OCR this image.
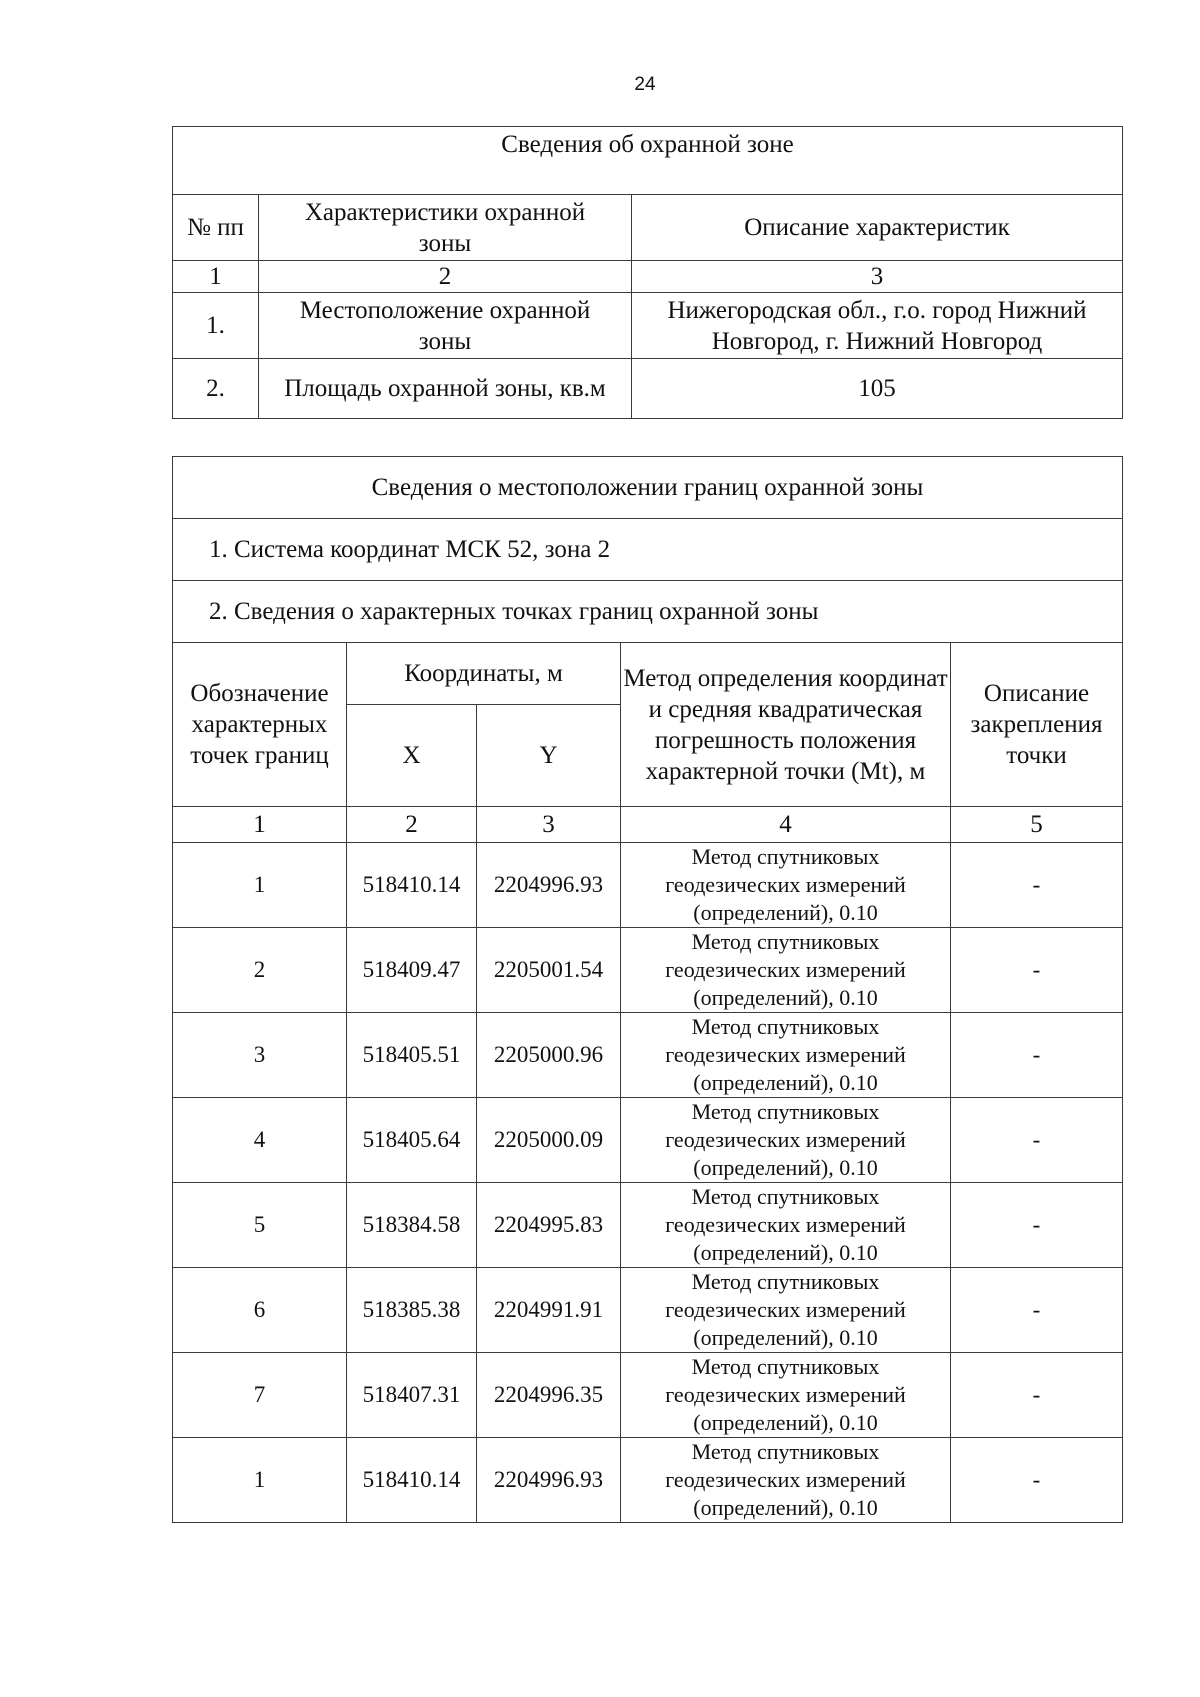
24
Сведения об охранной зоне		
№ пп	Характеристики охранной зоны	Описание характеристик
1	2	3
1.	Местоположение охранной зоны	Нижегородская обл., г.о. город Нижний Новгород, г. Нижний Новгород
2.	Площадь охранной зоны, кв.м	105
Сведения о местоположении границ охранной зоны				
1. Система координат МСК 52, зона 2				
2. Сведения о характерных точках границ охранной зоны				
Обозначение характерных точек границ	Координаты, м		Метод определения координат и средняя квадратическая погрешность положения характерной точки (Mt), м	Описание закрепления точки
	X	Y		
1	2	3	4	5
1	518410.14	2204996.93	Метод спутниковых геодезических измерений (определений), 0.10	-
2	518409.47	2205001.54	Метод спутниковых геодезических измерений (определений), 0.10	-
3	518405.51	2205000.96	Метод спутниковых геодезических измерений (определений), 0.10	-
4	518405.64	2205000.09	Метод спутниковых геодезических измерений (определений), 0.10	-
5	518384.58	2204995.83	Метод спутниковых геодезических измерений (определений), 0.10	-
6	518385.38	2204991.91	Метод спутниковых геодезических измерений (определений), 0.10	-
7	518407.31	2204996.35	Метод спутниковых геодезических измерений (определений), 0.10	-
1	518410.14	2204996.93	Метод спутниковых геодезических измерений (определений), 0.10	-
